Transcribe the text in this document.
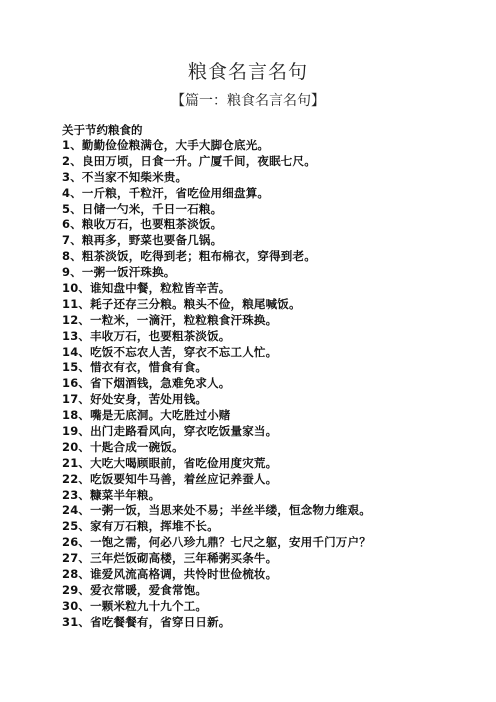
粮食名言名句
【篇一：粮食名言名句】
关于节约粮食的
1、勤勤俭俭粮满仓，大手大脚仓底光。
2、良田万顷，日食一升。广厦千间，夜眠七尺。
3、不当家不知柴米贵。
4、一斤粮，千粒汗，省吃俭用细盘算。
5、日储一勺米，千日一石粮。
6、粮收万石，也要粗茶淡饭。
7、粮再多，野菜也要备几锅。
8、粗茶淡饭，吃得到老；粗布棉衣，穿得到老。
9、一粥一饭汗珠换。
10、谁知盘中餐，粒粒皆辛苦。
11、耗子还存三分粮。粮头不俭，粮尾喊饭。
12、一粒米，一滴汗，粒粒粮食汗珠换。
13、丰收万石，也要粗茶淡饭。
14、吃饭不忘农人苦，穿衣不忘工人忙。
15、惜衣有衣，惜食有食。
16、省下烟酒钱，急难免求人。
17、好处安身，苦处用钱。
18、嘴是无底洞。大吃胜过小赌
19、出门走路看风向，穿衣吃饭量家当。
20、十匙合成一碗饭。
21、大吃大喝顾眼前，省吃俭用度灾荒。
22、吃饭要知牛马善，着丝应记养蚕人。
23、糠菜半年粮。
24、一粥一饭，当思来处不易；半丝半缕，恒念物力维艰。
25、家有万石粮，挥堆不长。
26、一饱之需，何必八珍九鼎？七尺之躯，安用千门万户？
27、三年烂饭砌高楼，三年稀粥买条牛。
28、谁爱风流高格调，共怜时世俭梳妆。
29、爱衣常暖，爱食常饱。
30、一颗米粒九十九个工。
31、省吃餐餐有，省穿日日新。
